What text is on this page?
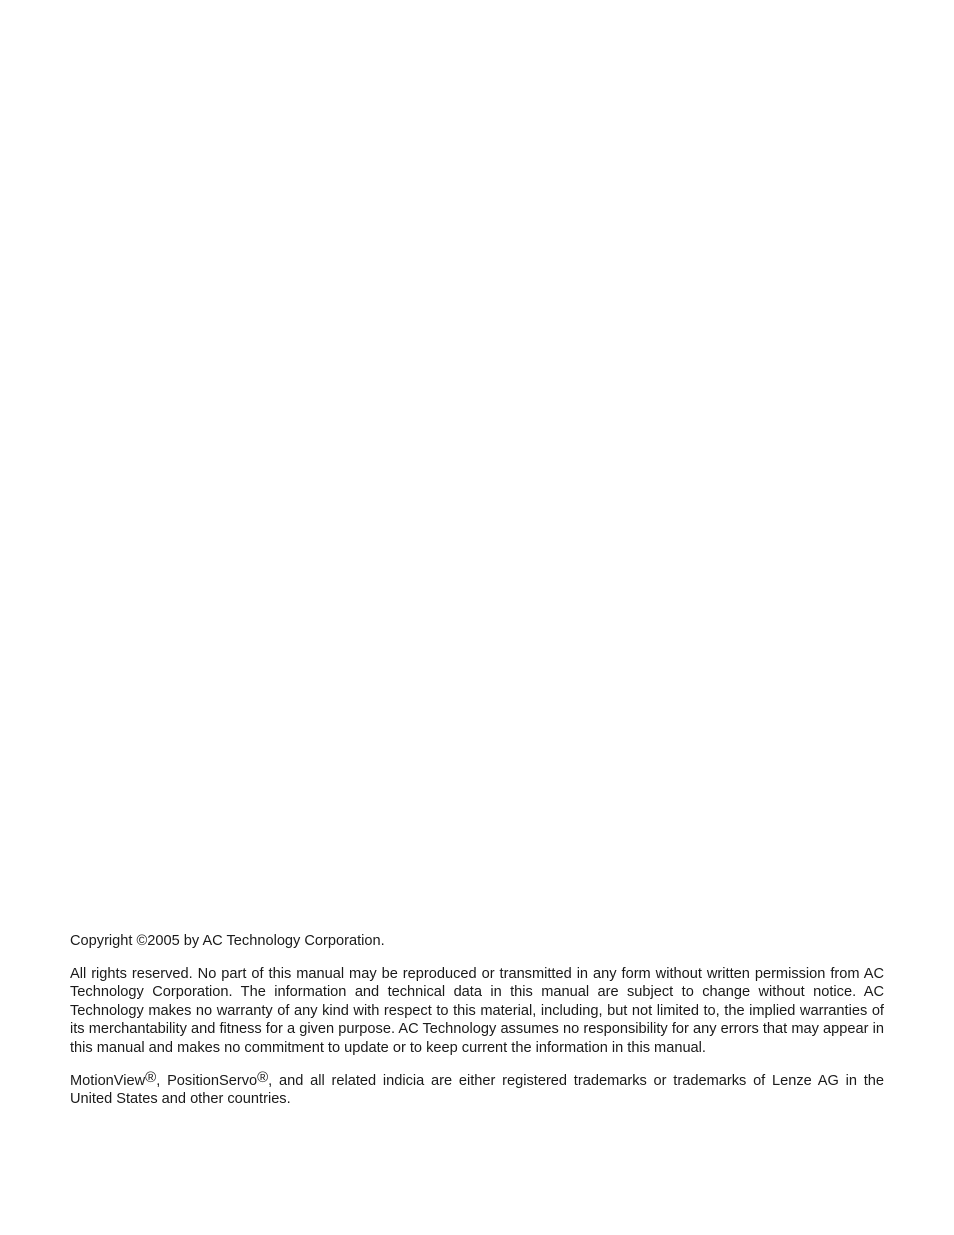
Copyright ©2005 by AC Technology Corporation.

All rights reserved. No part of this manual may be reproduced or transmitted in any form without written permission from AC Technology Corporation. The information and technical data in this manual are subject to change without notice. AC Technology makes no warranty of any kind with respect to this material, including, but not limited to, the implied warranties of its merchantability and fitness for a given purpose. AC Technology assumes no responsibility for any errors that may appear in this manual and makes no commitment to update or to keep current the information in this manual.

MotionView®, PositionServo®, and all related indicia are either registered trademarks or trademarks of Lenze AG in the United States and other countries.
